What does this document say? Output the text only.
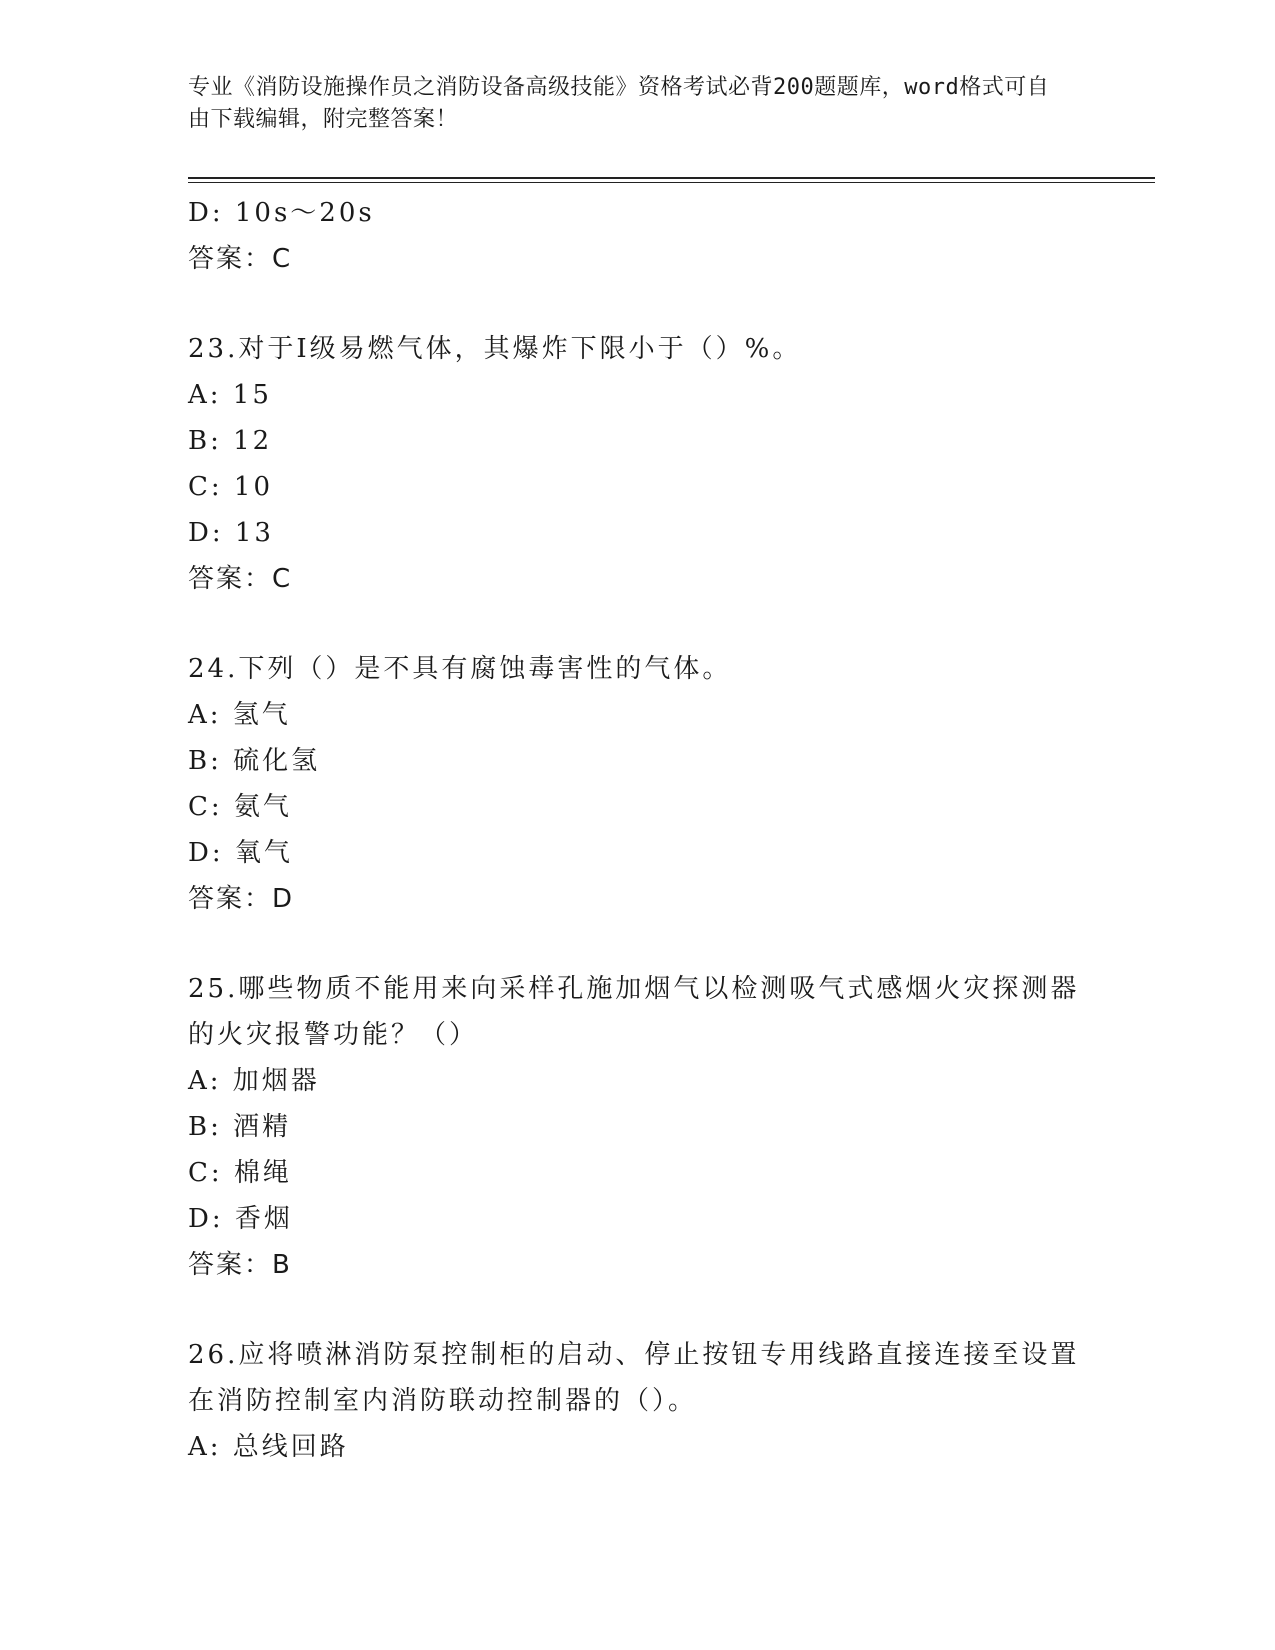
专业《消防设施操作员之消防设备高级技能》资格考试必背200题题库，word格式可自由下载编辑，附完整答案！
D: 10s～20s
答案：C
23.对于Ⅰ级易燃气体，其爆炸下限小于（）%。
A: 15
B: 12
C: 10
D: 13
答案：C
24.下列（）是不具有腐蚀毒害性的气体。
A: 氢气
B: 硫化氢
C: 氨气
D: 氧气
答案：D
25.哪些物质不能用来向采样孔施加烟气以检测吸气式感烟火灾探测器的火灾报警功能？（）
A: 加烟器
B: 酒精
C: 棉绳
D: 香烟
答案：B
26.应将喷淋消防泵控制柜的启动、停止按钮专用线路直接连接至设置在消防控制室内消防联动控制器的（）。
A: 总线回路
